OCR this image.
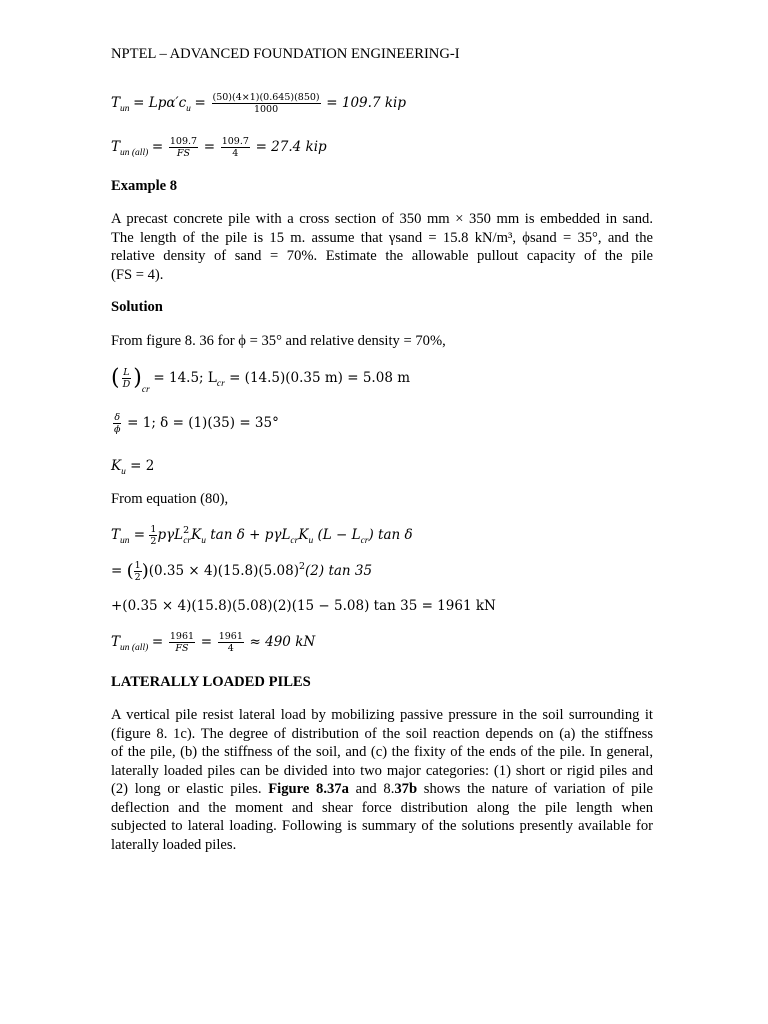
NPTEL – ADVANCED FOUNDATION ENGINEERING-I
$T_{un} = Lp\alpha'c_u = \frac{(50)(4\times 1)(0.645)(850)}{1000} = 109.7$ kip
$T_{un (all)} = \frac{109.7}{FS} = \frac{109.7}{4} = 27.4$ kip
Example 8
A precast concrete pile with a cross section of 350 mm × 350 mm is embedded in sand.
The length of the pile is 15 m. assume that γsand = 15.8 kN/m³, ϕsand = 35°, and the
relative density of sand = 70%. Estimate the allowable pullout capacity of the pile
(FS = 4).
Solution
From figure 8. 36 for ϕ = 35° and relative density = 70%,
( $\frac{L}{D} )_{cr} = 14.5$; $L_{cr} = (14.5)(0.35$ m) = 5.08 m
$\frac{\delta}{\phi} = 1$; δ = (1)(35) = 35°
$K_u = 2$
From equation (80),
$T_{un} = \frac{1}{2} p\gamma L^2_{cr}K_u$ $\tan \delta + p\gamma L_{cr}K_u$ $(L - L_{cr})$ tan δ
= ( $\frac{1}{2} )(0.35 \times 4)(15.8)(5.08)^2(2)$ tan 35
+(0.35 × 4)(15.8)(5.08)(2)(15 − 5.08) tan 35 = 1961 kN
$T_{un (all)} = \frac{1961}{FS} = \frac{1961}{4} \approx 490$ kN
LATERALLY LOADED PILES
A vertical pile resist lateral load by mobilizing passive pressure in the soil surrounding it
(figure 8. 1c). The degree of distribution of the soil reaction depends on (a) the stiffness
of the pile, (b) the stiffness of the soil, and (c) the fixity of the ends of the pile. In general,
laterally loaded piles can be divided into two major categories: (1) short or rigid piles and
(2) long or elastic piles. Figure 8.37a and 8.37b shows the nature of variation of pile
deflection and the moment and shear force distribution along the pile length when
subjected to lateral loading. Following is summary of the solutions presently available for
laterally loaded piles.
